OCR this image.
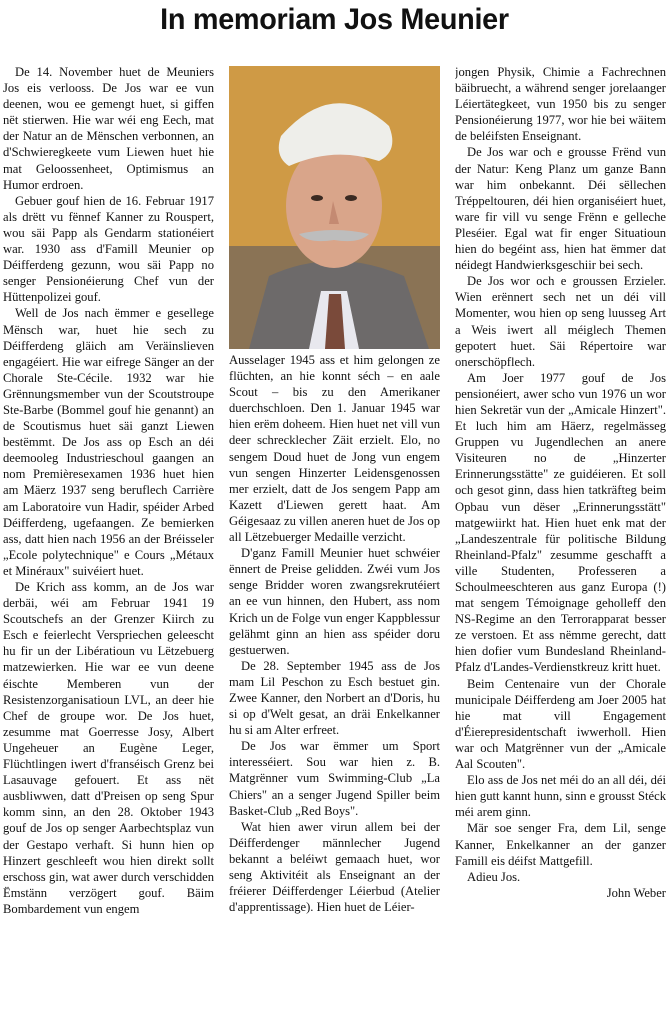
In memoriam Jos Meunier

De 14. November huet de Meuniers Jos eis verlooss. De Jos war ee vun deenen, wou ee gemengt huet, si giffen nët stierwen. Hie war wéi eng Eech, mat der Natur an de Mënschen verbonnen, an d'Schwieregkeete vum Liewen huet hie mat Geloossenheet, Optimismus an Humor erdroen.

Gebuer gouf hien de 16. Februar 1917 als drëtt vu fënnef Kanner zu Rouspert, wou säi Papp als Gendarm stationéiert war. 1930 ass d'Famill Meunier op Déifferdeng gezunn, wou säi Papp no senger Pensionéierung Chef vun der Hüttenpolizei gouf.

Well de Jos nach ëmmer e gesellege Mënsch war, huet hie sech zu Déifferdeng gläich am Veräinslieven engagéiert. Hie war eifrege Sänger an der Chorale Ste-Cécile. 1932 war hie Grënnungsmember vun der Scoutstroupe Ste-Barbe (Bommel gouf hie genannt) an de Scoutismus huet säi ganzt Liewen bestëmmt. De Jos ass op Esch an déi deemooleg Industrieschoul gaangen an nom Premièresexamen 1936 huet hien am Mäerz 1937 seng beruflech Carrière am Laboratoire vun Hadir, spéider Arbed Déifferdeng, ugefaangen. Ze bemierken ass, datt hien nach 1956 an der Bréisseler „Ecole polytechnique" e Cours „Métaux et Minéraux" suivéiert huet.

De Krich ass komm, an de Jos war derbäi, wéi am Februar 1941 19 Scoutschefs an der Grenzer Kiirch zu Esch e feierlecht Verspriechen geleescht hu fir un der Libératioun vu Lëtzebuerg matzewierken. Hie war ee vun deene éischte Memberen vun der Resistenzorganisatioun LVL, an deer hie Chef de groupe wor. De Jos huet, zesumme mat Goerresse Josy, Albert Ungeheuer an Eugène Leger, Flüchtlingen iwert d'franséisch Grenz bei Lasauvage gefouert. Et ass nët ausbliwwen, datt d'Preisen op seng Spur komm sinn, an den 28. Oktober 1943 gouf de Jos op senger Aarbechtsplaz vun der Gestapo verhaft. Si hunn hien op Hinzert geschleeft wou hien direkt sollt erschoss gin, wat awer durch verschidden Ëmstänn verzögert gouf. Bäim Bombardement vun engem

Ausselager 1945 ass et him gelongen ze flüchten, an hie konnt séch – en aale Scout – bis zu den Amerikaner duerchschloen. Den 1. Januar 1945 war hien erëm doheem. Hien huet net vill vun deer schrecklecher Zäit erzielt. Elo, no sengem Doud huet de Jong vun engem vun sengen Hinzerter Leidensgenossen mer erzielt, datt de Jos sengem Papp am Kazett d'Liewen gerett haat. Am Géigesaaz zu villen aneren huet de Jos op all Lëtzebuerger Medaille verzicht.

D'ganz Famill Meunier huet schwéier ënnert de Preise gelidden. Zwéi vum Jos senge Bridder woren zwangsrekrutéiert an ee vun hinnen, den Hubert, ass nom Krich un de Folge vun enger Kappblessur gelähmt ginn an hien ass spéider doru gestuerwen.

De 28. September 1945 ass de Jos mam Lil Peschon zu Esch bestuet gin. Zwee Kanner, den Norbert an d'Doris, hu si op d'Welt gesat, an dräi Enkelkanner hu si am Alter erfreet.

De Jos war ëmmer um Sport interesséiert. Sou war hien z. B. Matgrënner vum Swimming-Club „La Chiers" an a senger Jugend Spiller beim Basket-Club „Red Boys".

Wat hien awer virun allem bei der Déifferdenger männlecher Jugend bekannt a beléiwt gemaach huet, wor seng Aktivitéit als Enseignant an der fréierer Déifferdenger Léierbud (Atelier d'apprentissage). Hien huet de Léier-

jongen Physik, Chimie a Fachrechnen bäibruecht, a während senger jorelaanger Léiertätegkeet, vun 1950 bis zu senger Pensionéierung 1977, wor hie bei wäitem de beléifsten Enseignant.

De Jos war och e grousse Frënd vun der Natur: Keng Planz um ganze Bann war him onbekannt. Déi sëllechen Tréppeltouren, déi hien organiséiert huet, ware fir vill vu senge Frënn e gelleche Pleséier. Egal wat fir enger Situatioun hien do begéint ass, hien hat ëmmer dat néidegt Handwierksgeschiir bei sech.

De Jos wor och e groussen Erzieler. Wien erënnert sech net un déi vill Momenter, wou hien op seng luusseg Art a Weis iwert all méiglech Themen gepotert huet. Säi Répertoire war onerschöpflech.

Am Joer 1977 gouf de Jos pensionéiert, awer scho vun 1976 un wor hien Sekretär vun der „Amicale Hinzert". Et luch him am Häerz, regelmässeg Gruppen vu Jugendlechen an anere Visiteuren no de „Hinzerter Erinnerungsstätte" ze guidéieren. Et soll och gesot ginn, dass hien tatkräfteg beim Opbau vun dëser „Erinnerungsstätt" matgewiirkt hat. Hien huet enk mat der „Landeszentrale für politische Bildung Rheinland-Pfalz" zesumme geschafft a ville Studenten, Professeren a Schoulmeeschteren aus ganz Europa (!) mat sengem Témoignage geholleff den NS-Regime an den Terrorapparat besser ze verstoen. Et ass nëmme gerecht, datt hien dofier vum Bundesland Rheinland-Pfalz d'Landes-Verdienstkreuz kritt huet.

Beim Centenaire vun der Chorale municipale Déifferdeng am Joer 2005 hat hie mat vill Engagement d'Éierepresidentschaft iwwerholl. Hien war och Matgrënner vun der „Amicale Aal Scouten".

Elo ass de Jos net méi do an all déi, déi hien gutt kannt hunn, sinn e grousst Stéck méi arem ginn.

Mär soe senger Fra, dem Lil, senge Kanner, Enkelkanner an der ganzer Famill eis déifst Mattgefill.

Adieu Jos.

John Weber
